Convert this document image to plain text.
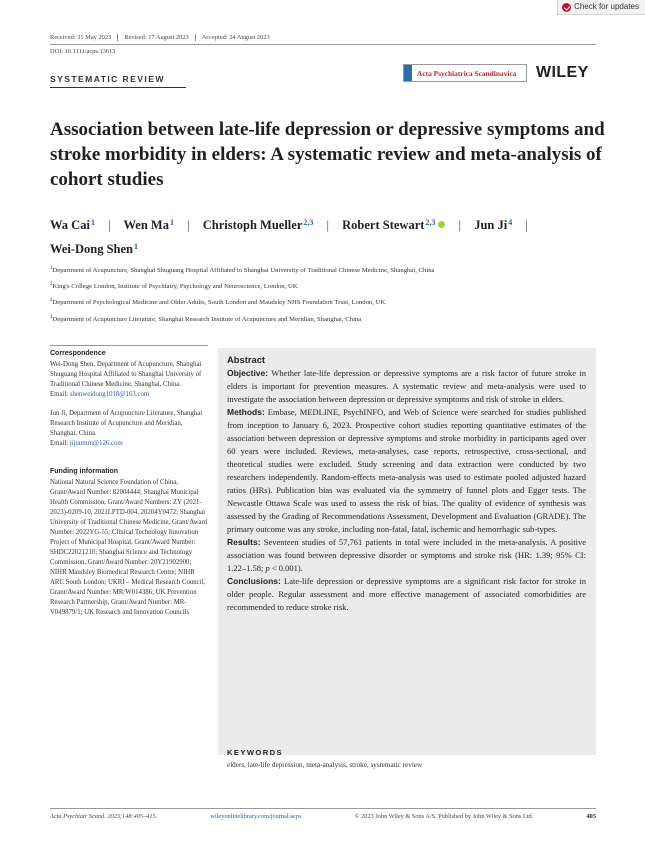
Check for updates
Received: 31 May 2023	Revised: 17 August 2023	Accepted: 24 August 2023
DOI: 10.1111/acps.13613
SYSTEMATIC REVIEW
Acta Psychiatrica Scandinavica WILEY
Association between late-life depression or depressive symptoms and stroke morbidity in elders: A systematic review and meta-analysis of cohort studies
Wa Cai$^1$ | Wen Ma$^1$ | Christoph Mueller$^{2,3}$ | Robert Stewart$^{2,3}$ | Jun Ji$^4$ |
Wei-Dong Shen$^1$
$^1$Department of Acupuncture, Shanghai Shuguang Hospital Affiliated to Shanghai University of Traditional Chinese Medicine, Shanghai, China
$^2$King's College London, Institute of Psychiatry, Psychology and Neuroscience, London, UK
$^3$Department of Psychological Medicine and Older Adults, South London and Maudsley NHS Foundation Trust, London, UK
$^4$Department of Acupuncture Literature, Shanghai Research Institute of Acupuncture and Meridian, Shanghai, China
Correspondence

Wei-Dong Shen, Department of Acupuncture, Shanghai Shuguang Hospital Affiliated to Shanghai University of Traditional Chinese Medicine, Shanghai, China.

Email: shenweidong1018@163.com

Jun Ji, Department of Acupuncture Literature, Shanghai Research Institute of Acupuncture and Meridian, Shanghai, China.

Email: jijunmm@126.com

Funding information

National Natural Science Foundation of China, Grant/Award Number: 82004444; Shanghai Municipal Health Commission, Grant/Award Numbers: ZY (2021-2023)-0209-10, 2021LPTD-004, 20204Y0472; Shanghai University of Traditional Chinese Medicine, Grant/Award Number: 2022YG-55; Clinical Technology Innovation Project of Municipal Hospital, Grant/Award Number: SHDC22021210; Shanghai Science and Technology Commission, Grant/Award Number: 20Y21902900; NIHR Maudsley Biomedical Research Centre; NIHR ARC South London; UKRI – Medical Research Council, Grant/Award Number: MR/W014386; UK Prevention Research Partnership, Grant/Award Number: MR-V049879/1; UK Research and Innovation Councils

Abstract

Objective: Whether late-life depression or depressive symptoms are a risk factor of future stroke in elders is important for prevention measures. A systematic review and meta-analysis were used to investigate the association between depression or depressive symptoms and risk of stroke in elders.

Methods: Embase, MEDLINE, PsychINFO, and Web of Science were searched for studies published from inception to January 6, 2023. Prospective cohort studies reporting quantitative estimates of the association between depression or depressive symptoms and stroke morbidity in participants aged over 60 years were included. Reviews, meta-analyses, case reports, retrospective, cross-sectional, and theoretical studies were excluded. Study screening and data extraction were conducted by two researchers independently. Random-effects meta-analysis was used to estimate pooled adjusted hazard ratios (HRs). Publication bias was evaluated via the symmetry of funnel plots and Egger tests. The Newcastle Ottawa Scale was used to assess the risk of bias. The quality of evidence of synthesis was assessed by the Grading of Recommendations Assessment, Development and Evaluation (GRADE). The primary outcome was any stroke, including non-fatal, fatal, ischemic and hemorrhagic sub-types.

Results: Seventeen studies of 57,761 patients in total were included in the meta-analysis. A positive association was found between depressive disorder or symptoms and stroke risk (HR: 1.39; 95% CI: 1.22–1.58; p < 0.001).

Conclusions: Late-life depression or depressive symptoms are a significant risk factor for stroke in older people. Regular assessment and more effective management of associated comorbidities are recommended to reduce stroke risk.

KEYWORDS
elders, late-life depression, meta-analysis, stroke, systematic review
Acta Psychiatr Scand. 2023;148:405–415.	wileyonlinelibrary.com/journal/acps	© 2023 John Wiley & Sons A/S. Published by John Wiley & Sons Ltd.	405
